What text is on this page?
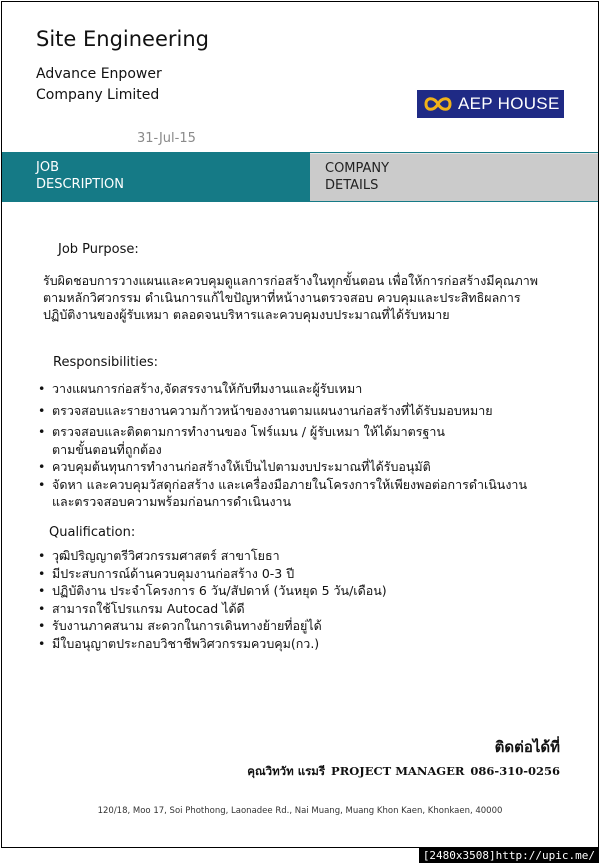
Site Engineering
Advance Enpower
Company Limited	AEP HOUSE
31-Jul-15
JOB
DESCRIPTION
COMPANY
DETAILS
Job Purpose:
รับผิดชอบการวางแผนและควบคุมดูแลการก่อสร้างในทุกขั้นตอน เพื่อให้การก่อสร้างมีคุณภาพ
ตามหลักวิศวกรรม ดำเนินการแก้ไขปัญหาที่หน้างานตรวจสอบ ควบคุมและประสิทธิผลการ
ปฏิบัติงานของผู้รับเหมา ตลอดจนบริหารและควบคุมงบประมาณที่ได้รับหมาย
Responsibilities:
• วางแผนการก่อสร้าง,จัดสรรงานให้กับทีมงานและผู้รับเหมา
• ตรวจสอบและรายงานความก้าวหน้าของงานตามแผนงานก่อสร้างที่ได้รับมอบหมาย
• ตรวจสอบและติดตามการทำงานของ โฟร์แมน / ผู้รับเหมา ให้ได้มาตรฐาน
ตามขั้นตอนที่ถูกต้อง
• ควบคุมต้นทุนการทำงานก่อสร้างให้เป็นไปตามงบประมาณที่ได้รับอนุมัติ
• จัดหา และควบคุมวัสดุก่อสร้าง และเครื่องมือภายในโครงการให้เพียงพอต่อการดำเนินงาน
และตรวจสอบความพร้อมก่อนการดำเนินงาน
Qualification:
• วุฒิปริญญาตรีวิศวกรรมศาสตร์ สาขาโยธา
• มีประสบการณ์ด้านควบคุมงานก่อสร้าง 0-3 ปี
• ปฏิบัติงาน ประจำโครงการ 6 วัน/สัปดาห์ (วันหยุด 5 วัน/เดือน)
• สามารถใช้โปรแกรม Autocad ได้ดี
• รับงานภาคสนาม สะดวกในการเดินทางย้ายที่อยู่ได้
• มีใบอนุญาตประกอบวิชาชีพวิศวกรรมควบคุม(กว.)
ติดต่อได้ที่
คุณวิทวัท แรมรี PROJECT MANAGER 086-310-0256
120/18, Moo 17, Soi Phothong, Laonadee Rd., Nai Muang, Muang Khon Kaen, Khonkaen, 40000
[2480x3508]http://upic.me/
